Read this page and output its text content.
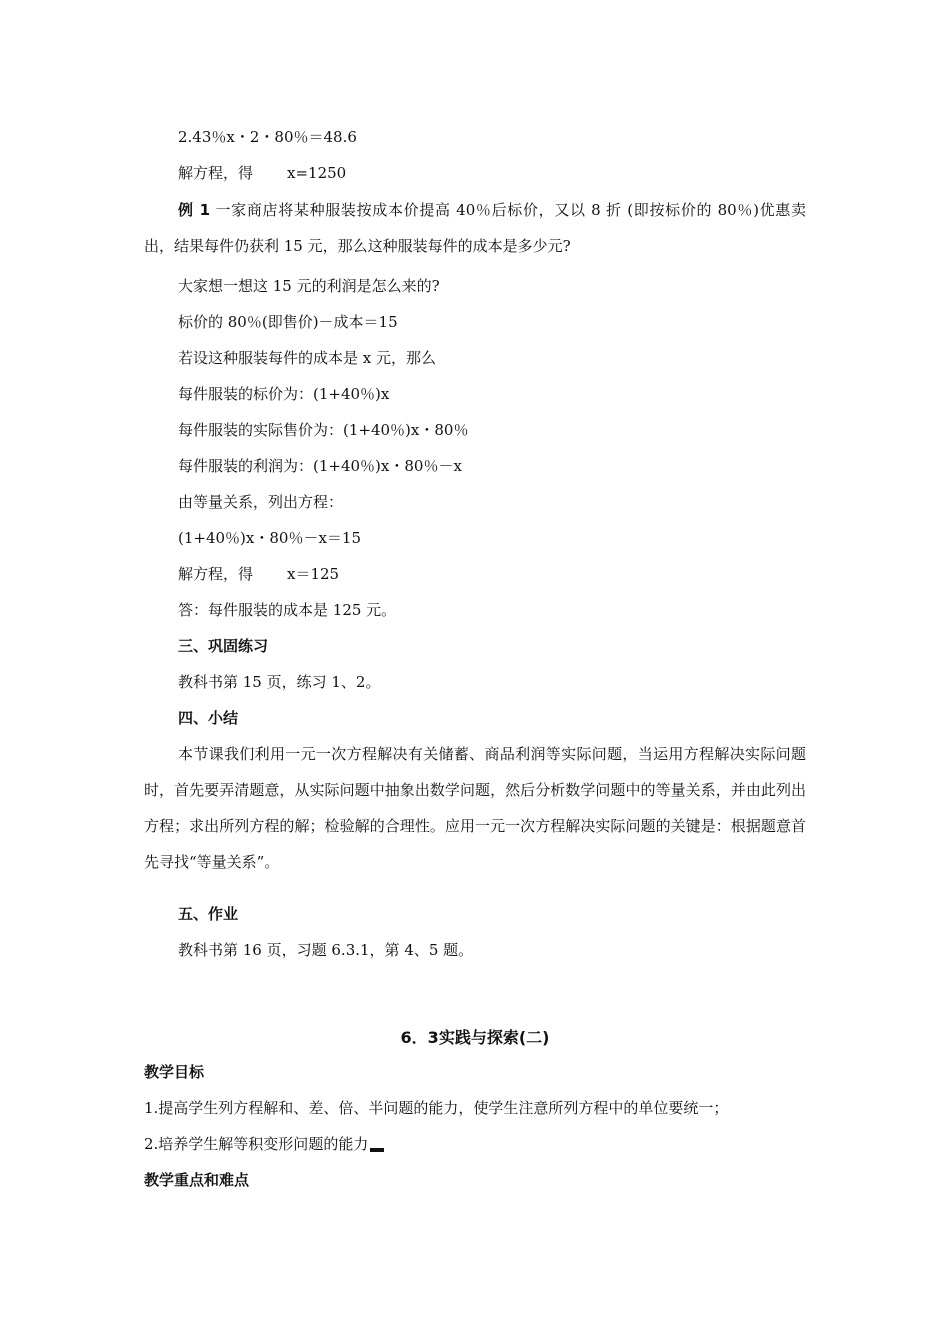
2.43％x・2・80％＝48.6
解方程，得 x=1250
例 1 一家商店将某种服装按成本价提高 40％后标价，又以 8 折 (即按标价的 80％)优惠卖出，结果每件仍获利 15 元，那么这种服装每件的成本是多少元?
大家想一想这 15 元的利润是怎么来的?
标价的 80％(即售价)－成本＝15
若设这种服装每件的成本是 x 元，那么
每件服装的标价为：(1+40％)x
每件服装的实际售价为：(1+40％)x・80％
每件服装的利润为：(1+40％)x・80％－x
由等量关系，列出方程：
(1+40％)x・80％－x＝15
解方程，得 x＝125
答：每件服装的成本是 125 元。
三、巩固练习
教科书第 15 页，练习 1、2。
四、小结
本节课我们利用一元一次方程解决有关储蓄、商品利润等实际问题，当运用方程解决实际问题时，首先要弄清题意，从实际问题中抽象出数学问题，然后分析数学问题中的等量关系，并由此列出方程；求出所列方程的解；检验解的合理性。应用一元一次方程解决实际问题的关键是：根据题意首先寻找“等量关系”。
五、作业
教科书第 16 页，习题 6.3.1，第 4、5 题。
6．3实践与探索(二)
教学目标
1.提高学生列方程解和、差、倍、半问题的能力，使学生注意所列方程中的单位要统一；
2.培养学生解等积变形问题的能力
教学重点和难点
